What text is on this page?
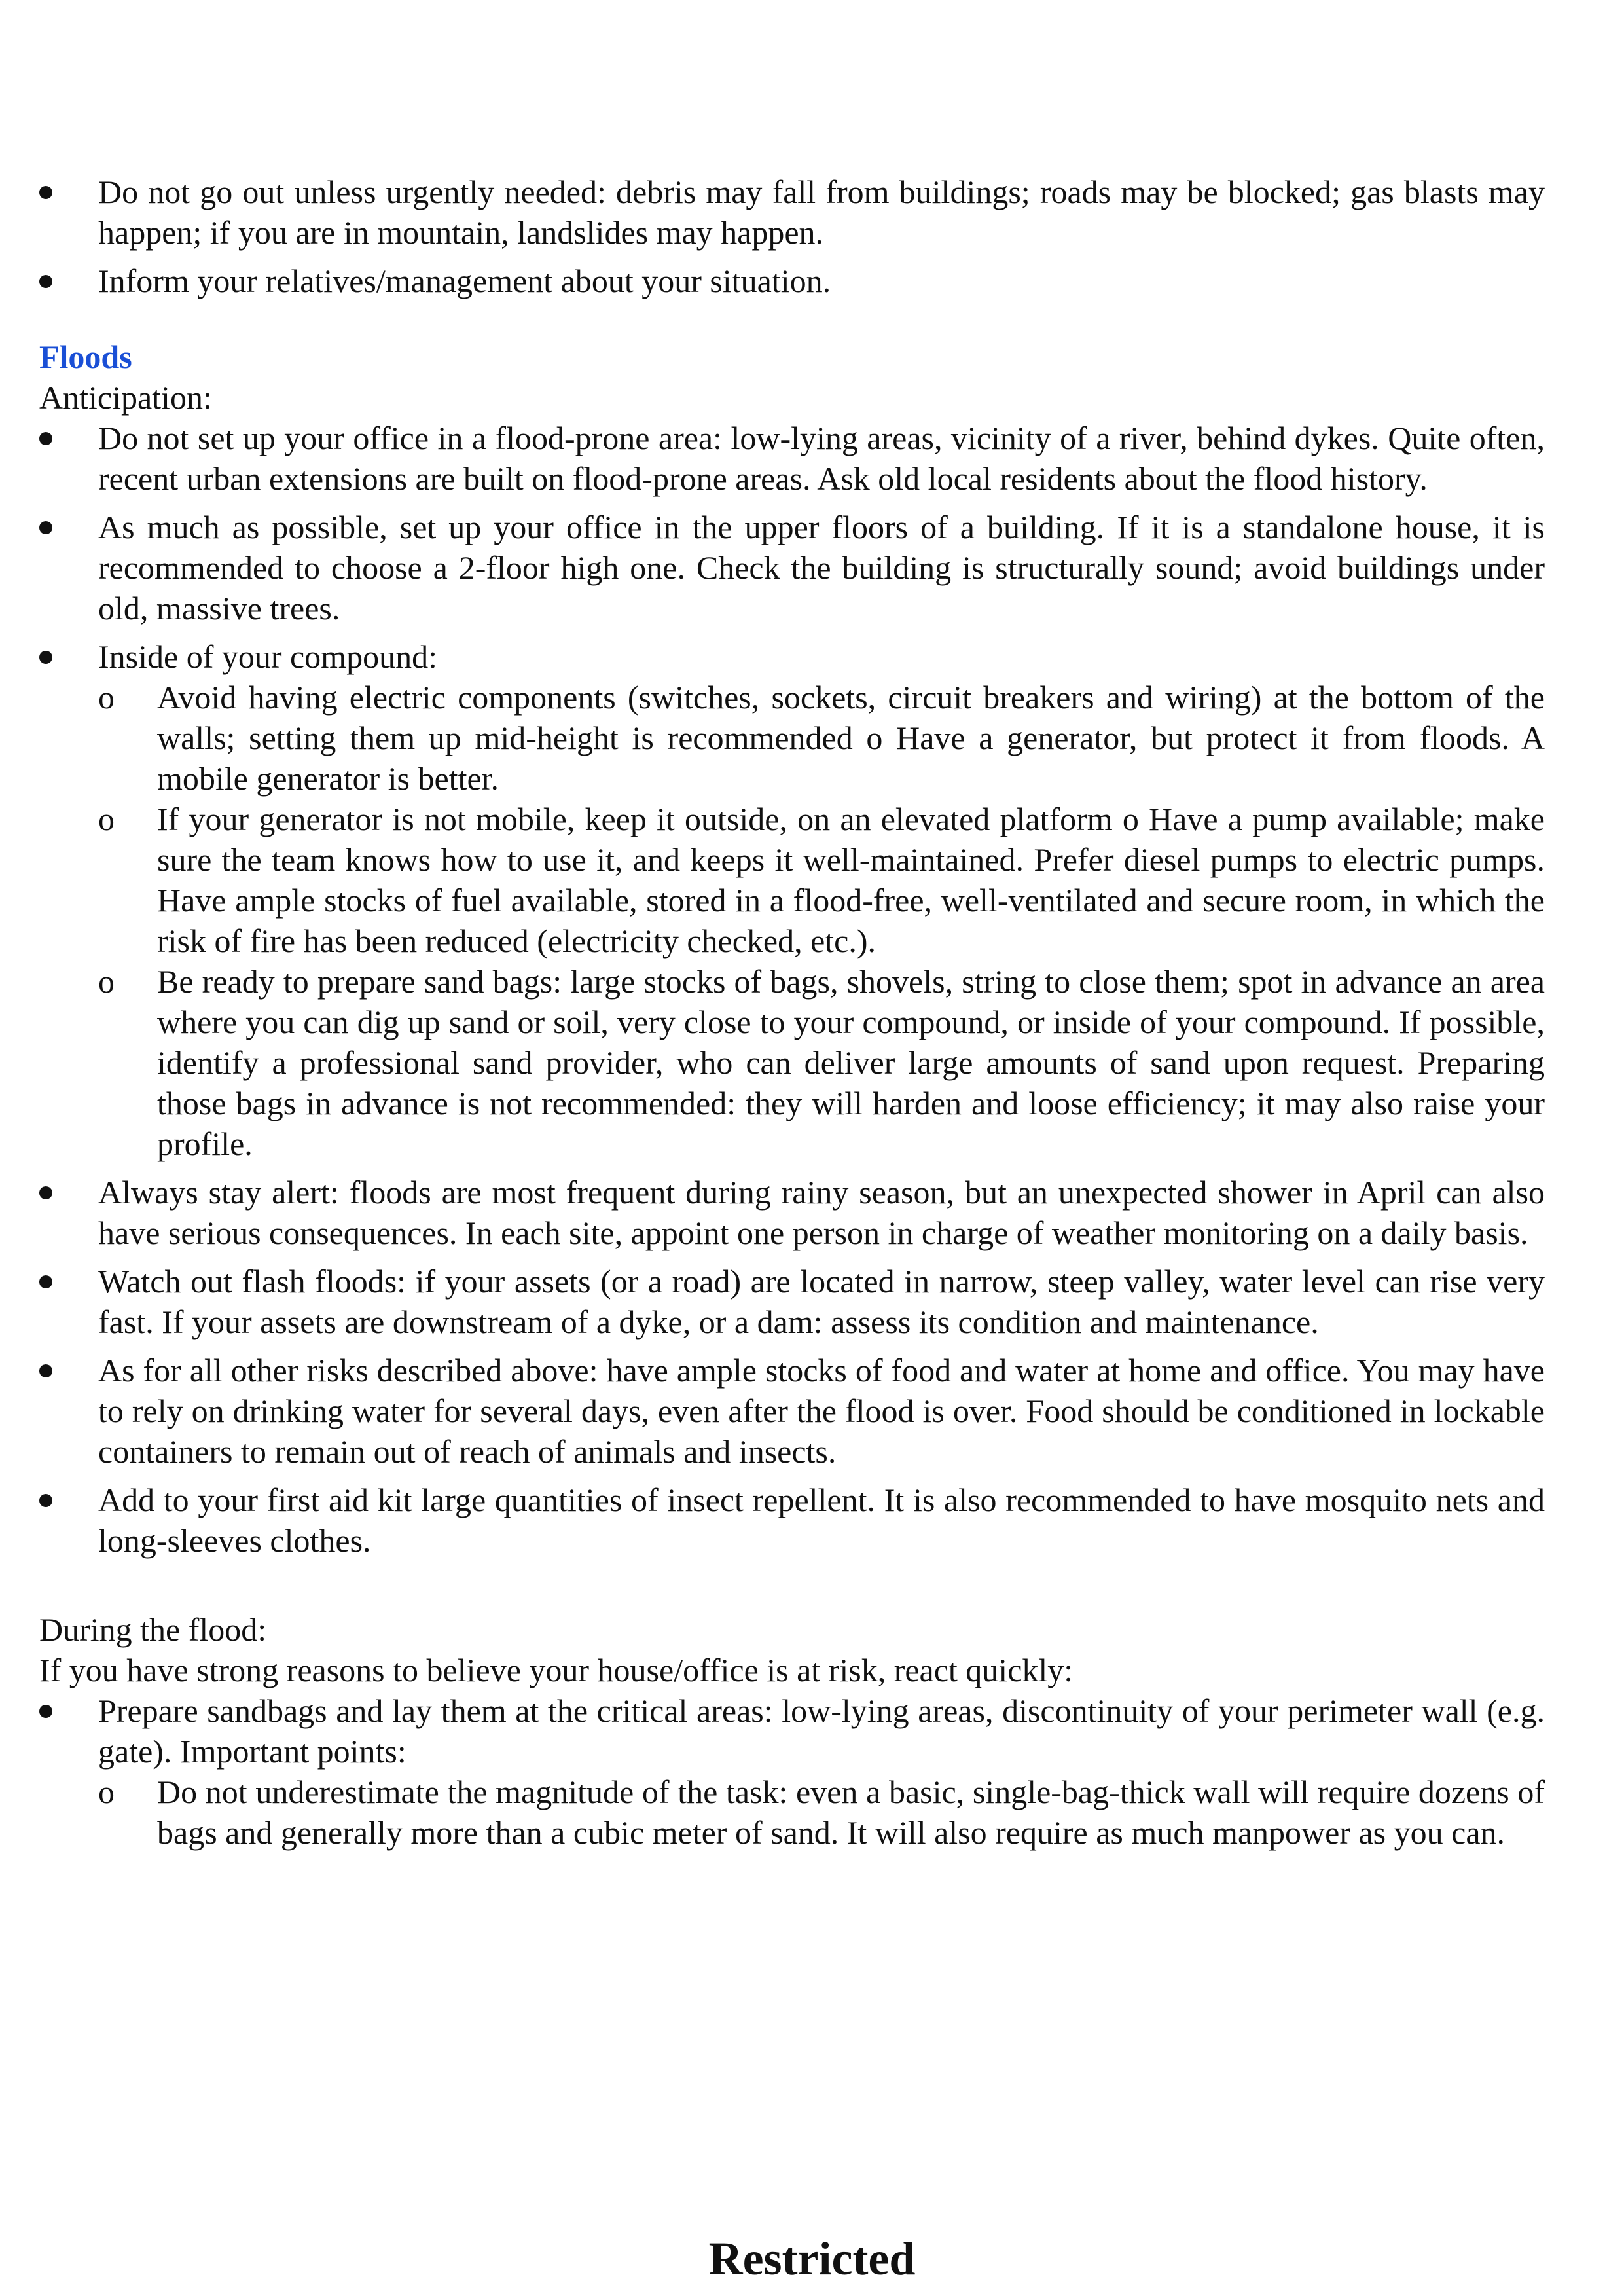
Do not go out unless urgently needed: debris may fall from buildings; roads may be blocked; gas blasts may happen; if you are in mountain, landslides may happen.
Inform your relatives/management about your situation.
Floods

Anticipation:

Do not set up your office in a flood-prone area: low-lying areas, vicinity of a river, behind dykes. Quite often, recent urban extensions are built on flood-prone areas. Ask old local residents about the flood history.
As much as possible, set up your office in the upper floors of a building. If it is a standalone house, it is recommended to choose a 2-floor high one. Check the building is structurally sound; avoid buildings under old, massive trees.
Inside of your compound:
o Avoid having electric components (switches, sockets, circuit breakers and wiring) at the bottom of the walls; setting them up mid-height is recommended o Have a generator, but protect it from floods. A mobile generator is better.
o If your generator is not mobile, keep it outside, on an elevated platform o Have a pump available; make sure the team knows how to use it, and keeps it well-maintained. Prefer diesel pumps to electric pumps. Have ample stocks of fuel available, stored in a flood-free, well-ventilated and secure room, in which the risk of fire has been reduced (electricity checked, etc.).
o Be ready to prepare sand bags: large stocks of bags, shovels, string to close them; spot in advance an area where you can dig up sand or soil, very close to your compound, or inside of your compound. If possible, identify a professional sand provider, who can deliver large amounts of sand upon request. Preparing those bags in advance is not recommended: they will harden and loose efficiency; it may also raise your profile.
Always stay alert: floods are most frequent during rainy season, but an unexpected shower in April can also have serious consequences. In each site, appoint one person in charge of weather monitoring on a daily basis.
Watch out flash floods: if your assets (or a road) are located in narrow, steep valley, water level can rise very fast. If your assets are downstream of a dyke, or a dam: assess its condition and maintenance.
As for all other risks described above: have ample stocks of food and water at home and office. You may have to rely on drinking water for several days, even after the flood is over. Food should be conditioned in lockable containers to remain out of reach of animals and insects.
Add to your first aid kit large quantities of insect repellent. It is also recommended to have mosquito nets and long-sleeves clothes.

During the flood:

If you have strong reasons to believe your house/office is at risk, react quickly:

Prepare sandbags and lay them at the critical areas: low-lying areas, discontinuity of your perimeter wall (e.g. gate). Important points:
o Do not underestimate the magnitude of the task: even a basic, single-bag-thick wall will require dozens of bags and generally more than a cubic meter of sand. It will also require as much manpower as you can.
Restricted
